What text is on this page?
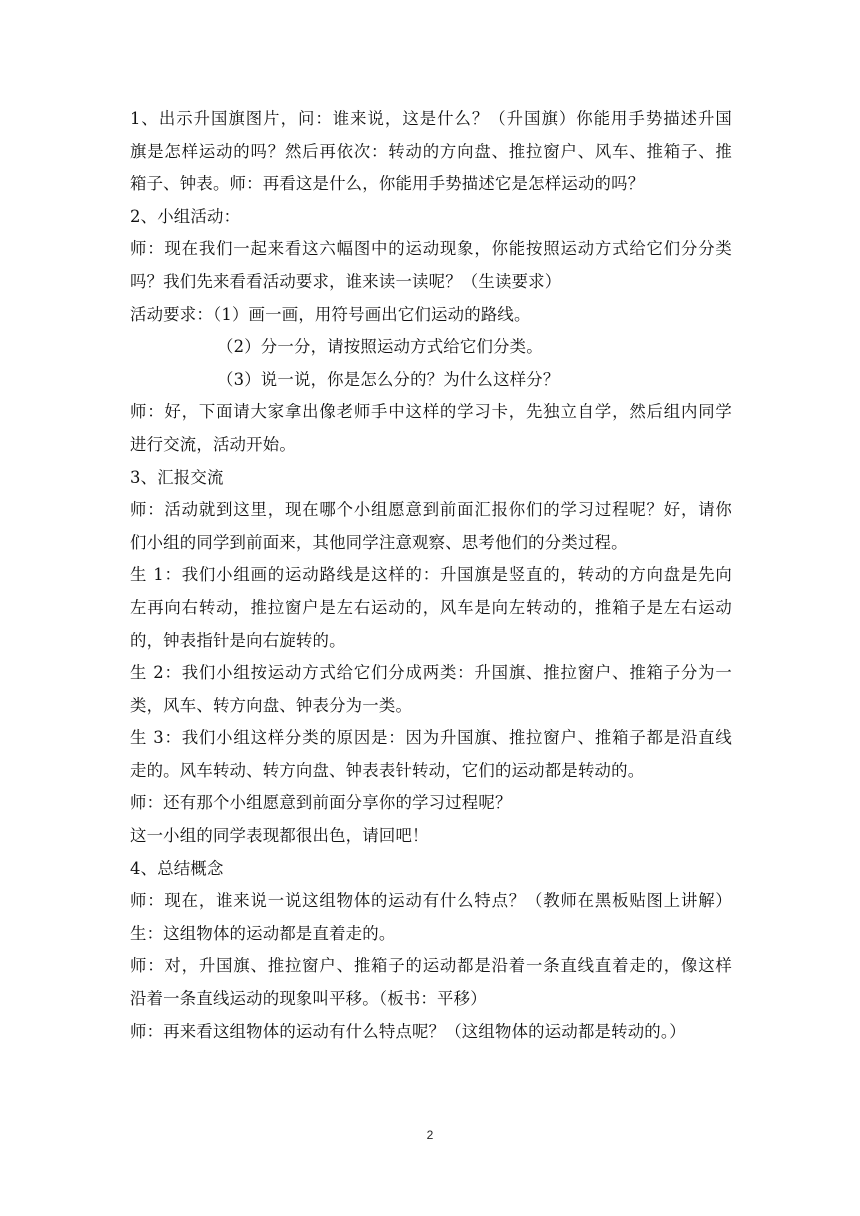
1、出示升国旗图片，问：谁来说，这是什么？（升国旗）你能用手势描述升国
旗是怎样运动的吗？然后再依次：转动的方向盘、推拉窗户、风车、推箱子、推
箱子、钟表。师：再看这是什么，你能用手势描述它是怎样运动的吗？
2、小组活动：
师：现在我们一起来看这六幅图中的运动现象，你能按照运动方式给它们分分类
吗？我们先来看看活动要求，谁来读一读呢？（生读要求）
活动要求：（1）画一画，用符号画出它们运动的路线。
（2）分一分，请按照运动方式给它们分类。
（3）说一说，你是怎么分的？为什么这样分？
师：好，下面请大家拿出像老师手中这样的学习卡，先独立自学，然后组内同学
进行交流，活动开始。
3、汇报交流
师：活动就到这里，现在哪个小组愿意到前面汇报你们的学习过程呢？好，请你
们小组的同学到前面来，其他同学注意观察、思考他们的分类过程。
生 1：我们小组画的运动路线是这样的：升国旗是竖直的，转动的方向盘是先向
左再向右转动，推拉窗户是左右运动的，风车是向左转动的，推箱子是左右运动
的，钟表指针是向右旋转的。
生 2：我们小组按运动方式给它们分成两类：升国旗、推拉窗户、推箱子分为一
类，风车、转方向盘、钟表分为一类。
生 3：我们小组这样分类的原因是：因为升国旗、推拉窗户、推箱子都是沿直线
走的。风车转动、转方向盘、钟表表针转动，它们的运动都是转动的。
师：还有那个小组愿意到前面分享你的学习过程呢？
这一小组的同学表现都很出色，请回吧！
4、总结概念
师：现在，谁来说一说这组物体的运动有什么特点？（教师在黑板贴图上讲解）
生：这组物体的运动都是直着走的。
师：对，升国旗、推拉窗户、推箱子的运动都是沿着一条直线直着走的，像这样
沿着一条直线运动的现象叫平移。（板书：平移）
师：再来看这组物体的运动有什么特点呢？（这组物体的运动都是转动的。）
2
